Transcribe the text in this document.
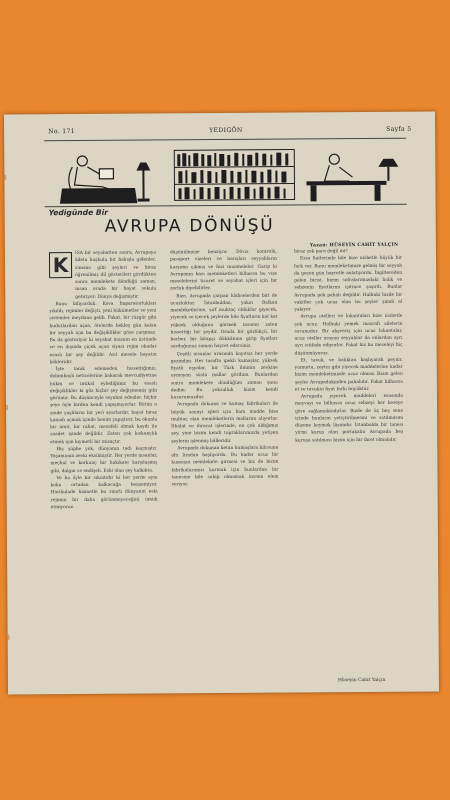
No. 171	YEDIGÖN	Sayfa 5
Yedigünde Bir
AVRUPA DÖNÜŞÜ
Yazan: HÜSEYİN CAHİT YALÇIN
K	ISA bir seyahatten sonra, Avrupaya âdeta kuşkulu bir bakışla gidenler, sinema gibi şeyleri ve biraz öğrenilmiş dil gösterileri gördükten sonra memlekete döndüğü zaman, insan orada bir hayat sokulu getiriyor: Dünya değişmiştir.

Bunu biliyorduk. Kova İmparatorlukları yıkıldı, rejimler değişti, yeni hükümetler ve yeni sistemler meydana geldi. Fakat, bir rüzgâr gibi hudutlardan aşan, ötelerde bekleş gün kalan bir seyyah için bu değişiklikler göze çarpmaz. Bu da gösteriyor ki seyahat insanın en üstünde ve en dışında çiçek açan siyasi rejim okadar esaslı bir şey değildir. Asıl mesele hayatın kökleridir.

İşte tanık edemeden hissettiğimiz, dolambaçlı neticelerine bakarak mevcudiyetine hükm ve intikal eylediğimiz bu esaslı değişiklikler ki göz hiçbir şey değişmemiş gibi görünür. Bu düşünceyle seyahat edenler, hiçbir şeye öyle birden kendi yapışmıyorlar. Bütün o zinde yaşlıların bir yeri ayarlardır, hayat biraz kanadı açmak içinde benim yapıştırır, bu okunla bir ümit, bir rahat, mesafeli olmak kaydı ile saadet işinde değildir. Zaten çok kıskançlık etmek için kıymetli bir mizaçtır.

Hiç şüphe yok, dünyanın tadı kaçmıştır. Yaşamanın zevki eksilmiştir. Her yerde insanlar, meçhul ve korkunç bir hakikate karşılaşmış gibi, dalgın ve endişeli. Eski olan şey kalkıkta.

Ve bu öyle bir sıkıntıdır ki her yerde aynı koku ortadan kalkacağa benzemiyor. Harikulade hizmetle bu sınırlı dünyanın eski rejimin bir daha görünmeyeceğini ümidi etmiyoruz.

düşünülmüşe benziyor. Döviz kontrolü, pasaport vizeleri ve barışları seyyahların karşıma çıkmış ve bizi muameleler. Garip ki Avrupanın bazı memleketleri bilhassa bu vize meselelerini ticaret ve seyahat işleri için bir zorluk diyebilirler.

Bize, Avrupada çarpan hâdiselerden biri de ucuzluktur. İstanbuldan, yakın Balkan memleketlerine, sırf muhtaç olduklar giyecek, yiyecek ve içecek şeylerde bile fiyatların kat kat yüksek olduğunu görmek insanın zaten hissettiği bir şeydir. Orada bir gözlükçü, bir berber, bir kitapçı dükkânına girip fiyatları sorduğunuz zaman hayret edersiniz.

Çeşitli insanlar arasında kayıtsız her yerde gezindim. Her tarafta ipekli kumaşlar, yüksek fiyatlı eşyalar, bir Türk ilminin zevkine uymayan süslü mallar gördüm. Bunlardan sonra memlekete döndüğüm zaman şunu dedim: Bu yoksulluk bizim kendi kusurumuzdur.

Avrupada dokuma ve kumaş fabrikaları ile büyük sanayi işleri için ham madde bize muhtaç olan memleketlerin mallarını alıyorlar. İthalat ve ihracat işlerinde, en çok aldığımız şey, yine bizim kendi topraklarımızda yetişen şeylerin işlenmiş hâlleridir.

Avrupada dokunan ketan kumaşlara kilosuna altı liradan başlıyordu. Bu kadar ucuz bir kumaşın memlekete girmesi ve biz de bizim fabrikalarımızı kurmak için bunlardan bir tanesine bile sahip olmamak insana elem veriyor.

biraz çok para değil mi?

Esza fiatlerinde bile bize nisbetle büyük bir fark var. Bunu memleketimize gelmiş bir seyyah da geçen gün hayretle anlatıyordu. İngiltereden gelen birisi, bizim sofralarımızdaki balık ve sebzenin fiyatlarını işitince şaşırdı. Bunlar Avrupada pek pahalı değildir. Halbuki bizde bir vakitler çok ucuz olan bu şeyler şimdi el yakıyor.

Avrupa otelleri ve lokantaları bize nisbetle çok ucuz. Halbuki yemek masrafı ailelerin sorunudur. Bir alışveriş için ucuz lokantalar, ucuz oteller arayan seyyahlar da onlardan ayrı ayrı istifade ediyorlar. Fakat biz bu meseleyi hiç düşünmüyoruz.

Et, tavuk, ve balıktan başlıyarak peynir, yumurta, zeytin gibi yiyecek maddelerine kadar bizim memleketimizde ucuz olması lâzım gelen şeyler Avrupadakinden pahalıdır. Fakat bilhassa et ve tavukta fiyat farkı büyüktür.

Avrupada yiyecek maddeleri esasında meyvayı ve bilhassa ucuz sebzeyi her keseye göre sağlamaktadırlar. Bizde de üç beş sene içinde bunların yetiştirilmesini ve satılmasını düzene koymak lâzımdır. İstanbulda bir tanesi yirmi kuruş olan portakalın Avrupada beş kuruşa satılması bizim için bir ibret olmalıdır.

Hüseyin Cahit Yalçın
